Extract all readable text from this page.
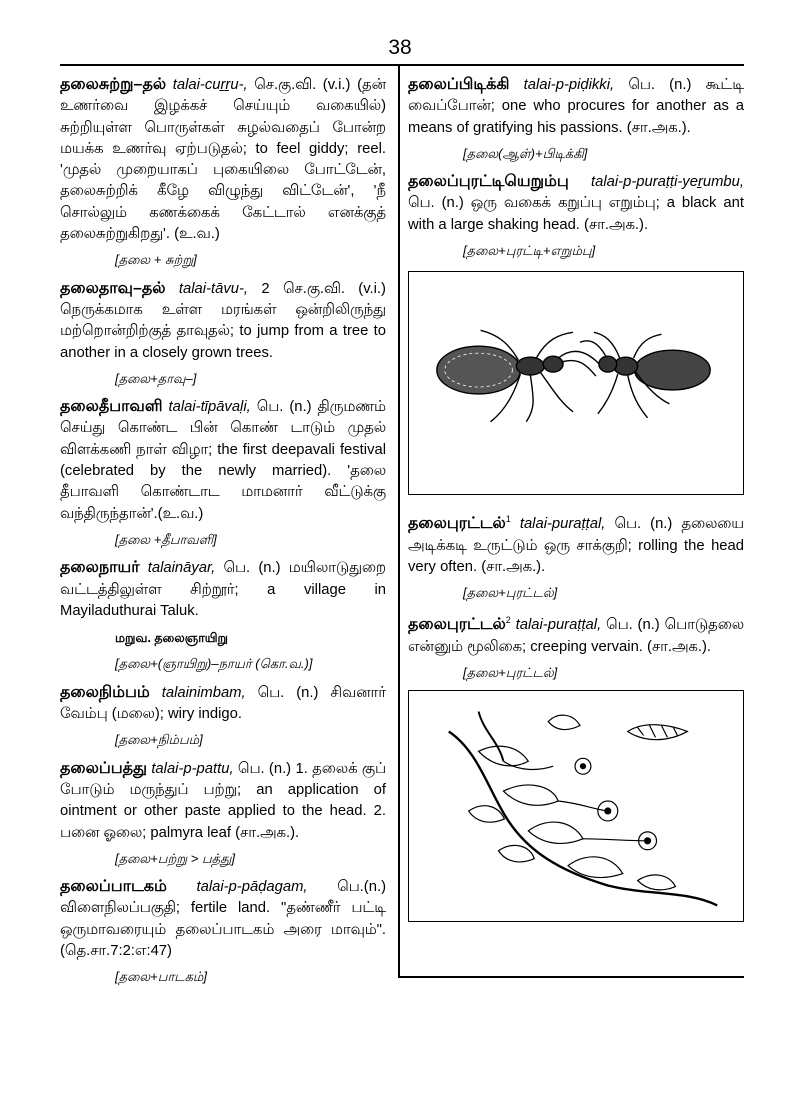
38
தலைசுற்று–தல் talai-cuṟṟu-, செ.கு.வி. (v.i.) (தன் உணர்வை இழக்கச் செய்யும் வகையில்) சுற்றியுள்ள பொருள்கள் சுழல்வதைப் போன்ற மயக்க உணர்வு ஏற்படுதல்; to feel giddy; reel. 'முதல் முறையாகப் புகையிலை போட்டேன், தலைசுற்றிக் கீழே விழுந்து விட்டேன்', 'நீ சொல்லும் கணக்கைக் கேட்டால் எனக்குத் தலைசுற்றுகிறது'. (உ.வ.)
[தலை + சுற்று]
தலைதாவு–தல் talai-tāvu-, 2 செ.கு.வி. (v.i.) நெருக்கமாக உள்ள மரங்கள் ஒன்றிலிருந்து மற்றொன்றிற்குத் தாவுதல்; to jump from a tree to another in a closely grown trees.
[தலை+தாவு–]
தலைதீபாவளி talai-tīpāvaḷi, பெ. (n.) திருமணம் செய்து கொண்ட பின் கொண் டாடும் முதல் விளக்கணி நாள் விழா; the first deepavali festival (celebrated by the newly married). 'தலை தீபாவளி கொண்டாட மாமனார் வீட்டுக்கு வந்திருந்தான்'.(உ.வ.)
[தலை +தீபாவளி]
தலைநாயர் talaināyar, பெ. (n.) மயிலாடுதுறை வட்டத்திலுள்ள சிற்றூர்; a village in Mayiladuthurai Taluk.
மறுவ. தலைஞாயிறு
[தலை+(ஞாயிறு)–நாயர் (கொ.வ.)]
தலைநிம்பம் talainimbam, பெ. (n.) சிவனார் வேம்பு (மலை); wiry indigo.
[தலை+நிம்பம்]
தலைப்பத்து talai-p-pattu, பெ. (n.) 1. தலைக் குப் போடும் மருந்துப் பற்று; an application of ointment or other paste applied to the head. 2. பனை ஓலை; palmyra leaf (சா.அக.).
[தலை+பற்று > பத்து]
தலைப்பாடகம் talai-p-pāḍagam, பெ.(n.) விளைநிலப்பகுதி; fertile land. "தண்ணீர் பட்டி ஒருமாவரையும் தலைப்பாடகம் அரை மாவும்". (தெ.சா.7:2:எ:47)
[தலை+பாடகம்]
தலைப்பிடிக்கி talai-p-piḍikki, பெ. (n.) கூட்டி வைப்போன்; one who procures for another as a means of gratifying his passions. (சா.அக.).
[தலை(ஆள்)+பிடிக்கி]
தலைப்புரட்டியெறும்பு talai-p-puraṭṭi-yeṟumbu, பெ. (n.) ஒரு வகைக் கறுப்பு எறும்பு; a black ant with a large shaking head. (சா.அக.).
[தலை+புரட்டி+எறும்பு]
தலைபுரட்டல்$^1$ talai-puraṭṭal, பெ. (n.) தலையை அடிக்கடி உருட்டும் ஒரு சாக்குறி; rolling the head very often. (சா.அக.).
[தலை+புரட்டல்]
தலைபுரட்டல்$^2$ talai-puraṭṭal, பெ. (n.) பொடுதலை என்னும் மூலிகை; creeping vervain. (சா.அக.).
[தலை+புரட்டல்]
